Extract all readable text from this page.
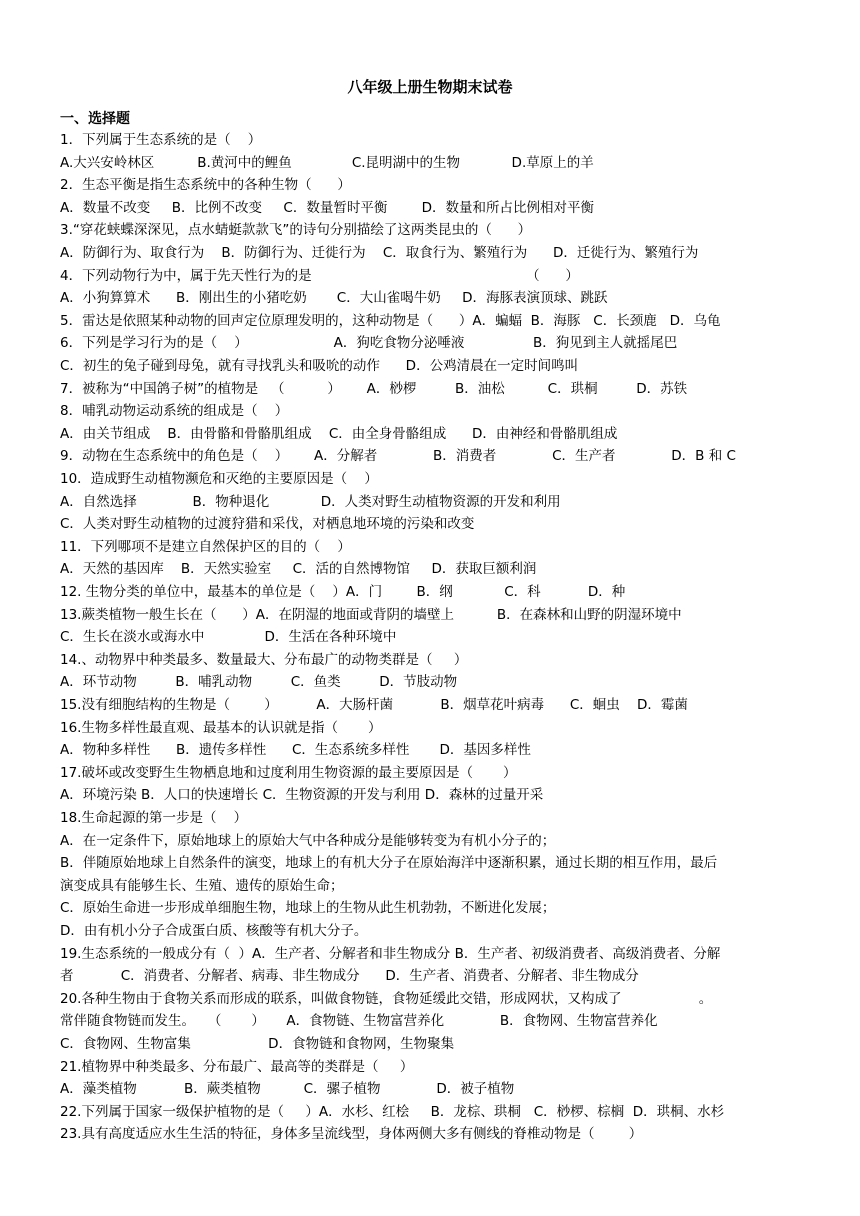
八年级上册生物期末试卷
一、选择题
1．下列属于生态系统的是（    ）
A.大兴安岭林区          B.黄河中的鲤鱼              C.昆明湖中的生物            D.草原上的羊
2．生态平衡是指生态系统中的各种生物（      ）
A．数量不改变     B．比例不改变     C．数量暂时平衡        D．数量和所占比例相对平衡
3.“穿花蛱蝶深深见，点水蜻蜓款款飞”的诗句分别描绘了这两类昆虫的（      ）
A．防御行为、取食行为    B．防御行为、迁徙行为    C．取食行为、繁殖行为      D．迁徙行为、繁殖行为
4．下列动物行为中，属于先天性行为的是                                                  （      ）
A．小狗算算术      B．刚出生的小猪吃奶       C．大山雀喝牛奶     D．海豚表演顶球、跳跃
5．雷达是依照某种动物的回声定位原理发明的，这种动物是（      ）A．蝙蝠  B．海豚   C．长颈鹿   D．乌龟
6．下列是学习行为的是（    ）                    A．狗吃食物分泌唾液                B．狗见到主人就摇尾巴
C．初生的兔子碰到母兔，就有寻找乳头和吸吮的动作      D．公鸡清晨在一定时间鸣叫
7．被称为“中国鸽子树”的植物是   （          ）      A．桫椤         B．油松          C．珙桐         D．苏铁
8．哺乳动物运动系统的组成是（    ）
A．由关节组成    B．由骨骼和骨骼肌组成    C．由全身骨骼组成      D．由神经和骨骼肌组成
9．动物在生态系统中的角色是（    ）      A．分解者             B．消费者             C．生产者             D．B 和 C
10．造成野生动植物濒危和灭绝的主要原因是（    ）
A．自然选择             B．物种退化            D．人类对野生动植物资源的开发和利用
C．人类对野生动植物的过渡狩猎和采伐，对栖息地环境的污染和改变
11．下列哪项不是建立自然保护区的目的（    ）
A．天然的基因库    B．天然实验室     C．活的自然博物馆     D．获取巨额利润
12. 生物分类的单位中，最基本的单位是（    ）A．门        B．纲            C．科           D．种
13.蕨类植物一般生长在（      ）A．在阴湿的地面或背阴的墙壁上          B．在森林和山野的阴湿环境中
C．生长在淡水或海水中              D．生活在各种环境中
14.、动物界中种类最多、数量最大、分布最广的动物类群是（     ）
A．环节动物         B．哺乳动物         C．鱼类         D．节肢动物
15.没有细胞结构的生物是（        ）         A．大肠杆菌           B．烟草花叶病毒      C．蛔虫    D．霉菌
16.生物多样性最直观、最基本的认识就是指（       ）
A．物种多样性      B．遗传多样性      C．生态系统多样性       D．基因多样性
17.破坏或改变野生生物栖息地和过度利用生物资源的最主要原因是（       ）
A．环境污染 B．人口的快速增长 C．生物资源的开发与利用 D．森林的过量开采
18.生命起源的第一步是（    ）
A．在一定条件下，原始地球上的原始大气中各种成分是能够转变为有机小分子的；
B．伴随原始地球上自然条件的演变，地球上的有机大分子在原始海洋中逐渐积累，通过长期的相互作用，最后
演变成具有能够生长、生殖、遗传的原始生命；
C．原始生命进一步形成单细胞生物，地球上的生物从此生机勃勃，不断进化发展；
D．由有机小分子合成蛋白质、核酸等有机大分子。
19.生态系统的一般成分有（  ）A．生产者、分解者和非生物成分 B．生产者、初级消费者、高级消费者、分解
者           C．消费者、分解者、病毒、非生物成分      D．生产者、消费者、分解者、非生物成分
20.各种生物由于食物关系而形成的联系，叫做食物链，食物延缓此交错，形成网状，又构成了                  。
常伴随食物链而发生。   （       ）     A．食物链、生物富营养化             B．食物网、生物富营养化
C．食物网、生物富集                  D．食物链和食物网，生物聚集
21.植物界中种类最多、分布最广、最高等的类群是（     ）
A．藻类植物           B．蕨类植物          C．骡子植物             D．被子植物
22.下列属于国家一级保护植物的是（     ）A．水杉、红桧     B．龙棕、珙桐   C．桫椤、棕榈  D．珙桐、水杉
23.具有高度适应水生生活的特征，身体多呈流线型，身体两侧大多有侧线的脊椎动物是（        ）
